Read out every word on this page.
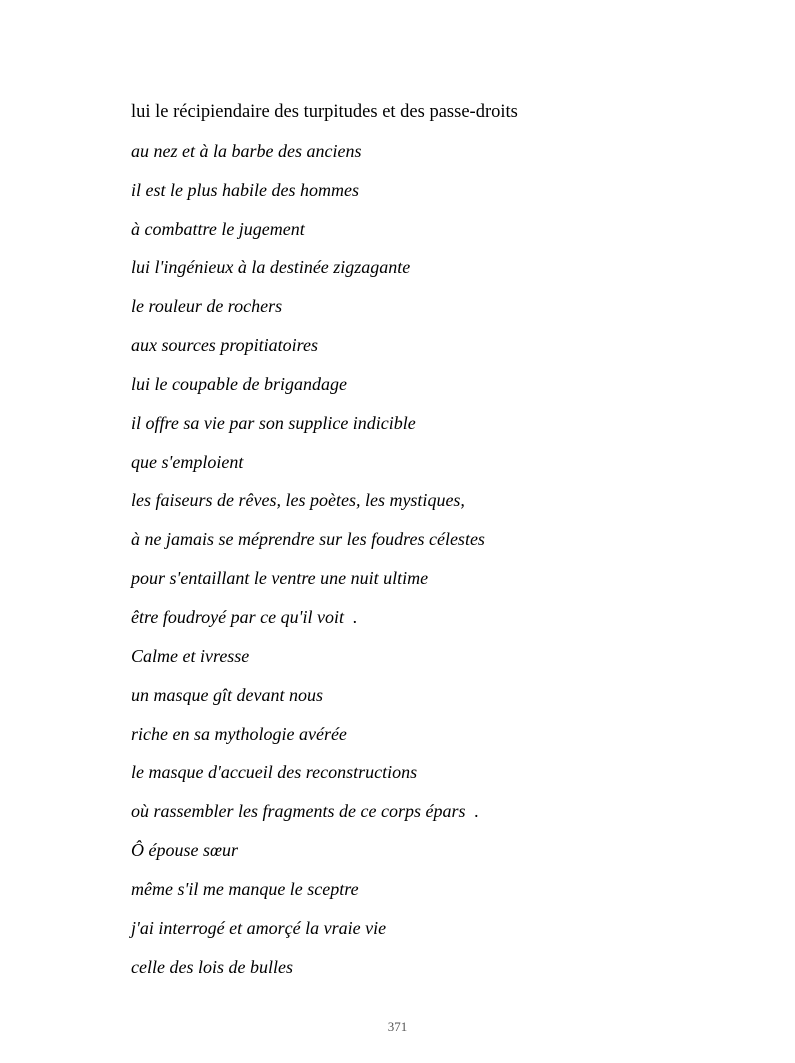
lui le récipiendaire des turpitudes et des passe-droits
au nez et à la barbe des anciens
il est le plus habile des hommes
à combattre le jugement
lui l'ingénieux à la destinée zigzagante
le rouleur de rochers
aux sources propitiatoires
lui le coupable de brigandage
il offre sa vie par son supplice indicible
que s'emploient
les faiseurs de rêves, les poètes, les mystiques,
à ne jamais se méprendre sur les foudres célestes
pour s'entaillant le ventre une nuit ultime
être foudroyé par ce qu'il voit  .
Calme et ivresse
un masque gît devant nous
riche en sa mythologie avérée
le masque d'accueil des reconstructions
où rassembler les fragments de ce corps épars  .
Ô épouse sœur
même s'il me manque le sceptre
j'ai interrogé et amorçé la vraie vie
celle des lois de bulles
371
